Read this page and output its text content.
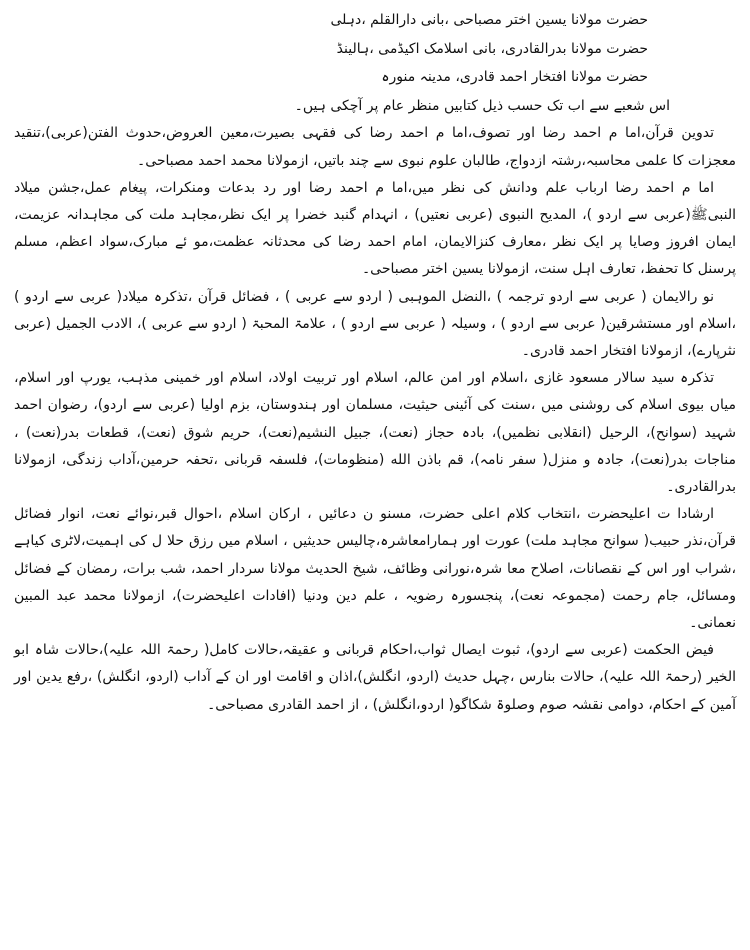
حضرت مولانا یسین اختر مصباحی ،بانی دارالقلم ،دہلی
حضرت مولانا بدرالقادری، بانی اسلامک اکیڈمی ،ہالینڈ
حضرت مولانا افتخار احمد قادری، مدینہ منورہ
اس شعبے سے اب تک حسب ذیل کتابیں منظر عام پر آچکی ہیں۔

تدوین قرآن،اما م احمد رضا اور تصوف،اما م احمد رضا کی فقہی بصیرت،معین العروض،حدوث الفتن(عربی)،تنقید معجزات کا علمی محاسبہ،رشتہ ازدواج، طالبان علوم نبوی سے چند باتیں، ازمولانا محمد احمد مصباحی۔

اما م احمد رضا ارباب علم ودانش کی نظر میں،اما م احمد رضا اور رد بدعات ومنکرات، پیغام عمل،جشن میلاد النبیﷺ(عربی سے اردو )، المدیح النبوی (عربی نعتیں) ، انہدام گنبد خضرا پر ایک نظر،مجاہد ملت کی مجاہدانہ عزیمت، ایمان افروز وصایا پر ایک نظر ،معارف کنزالایمان، امام احمد رضا کی محدثانہ عظمت،مو ئے مبارک،سواد اعظم، مسلم پرسنل کا تحفظ، تعارف اہل سنت، ازمولانا یسین اختر مصباحی۔

نو رالایمان ( عربی سے اردو ترجمہ ) ،النضل الموہبی ( اردو سے عربی ) ، فضائل قرآن ،تذکرہ میلاد( عربی سے اردو ) ،اسلام اور مستشرقین( عربی سے اردو ) ، وسیلہ ( عربی سے اردو ) ، علامۃ المحبۃ ( اردو سے عربی )، الادب الجمیل (عربی نثرپارے)، ازمولانا افتخار احمد قادری۔

تذکرہ سید سالار مسعود غازی ،اسلام اور امن عالم، اسلام اور تربیت اولاد، اسلام اور خمینی مذہب، یورپ اور اسلام، میاں بیوی اسلام کی روشنی میں ،سنت کی آئینی حیثیت، مسلمان اور ہندوستان، بزم اولیا (عربی سے اردو)، رضوان احمد شہید (سوانح)، الرحیل (انقلابی نظمیں)، بادہ حجاز (نعت)، جبیل النشیم(نعت)، حریم شوق (نعت)، قطعات بدر(نعت) ، مناجات بدر(نعت)، جادہ و منزل( سفر نامہ)، قم باذن الله (منظومات)، فلسفہ قربانی ،تحفہ حرمین،آداب زندگی، ازمولانا بدرالقادری۔

ارشادا ت اعلیحضرت ،انتخاب کلام اعلی حضرت، مسنو ن دعائیں ، ارکان اسلام ،احوال قبر،نوائے نعت، انوار فضائل قرآن،نذر حبیب( سوانح مجاہد ملت) عورت اور ہمارامعاشرہ،چالیس حدیثیں ، اسلام میں رزق حلا ل کی اہمیت،لاٹری کیاہے ،شراب اور اس کے نقصانات، اصلاح معا شرہ،نورانی وظائف، شیخ الحدیث مولانا سردار احمد، شب برات، رمضان کے فضائل ومسائل، جام رحمت (مجموعہ نعت)، پنجسورہ رضویہ ، علم دین ودنیا (افادات اعلیحضرت)، ازمولانا محمد عبد المبین نعمانی۔

فیض الحکمت (عربی سے اردو)، ثبوت ایصال ثواب،احکام قربانی و عقیقہ،حالات کامل( رحمۃ اللہ علیہ)،حالات شاہ ابو الخیر (رحمۃ اللہ علیہ)، حالات بنارس ،چہل حدیث (اردو، انگلش)،اذان و اقامت اور ان کے آداب (اردو، انگلش) ،رفع یدین اور آمین کے احکام، دوامی نقشہ صوم وصلوۃ شکاگو( اردو،انگلش) ، از احمد القادری مصباحی۔
